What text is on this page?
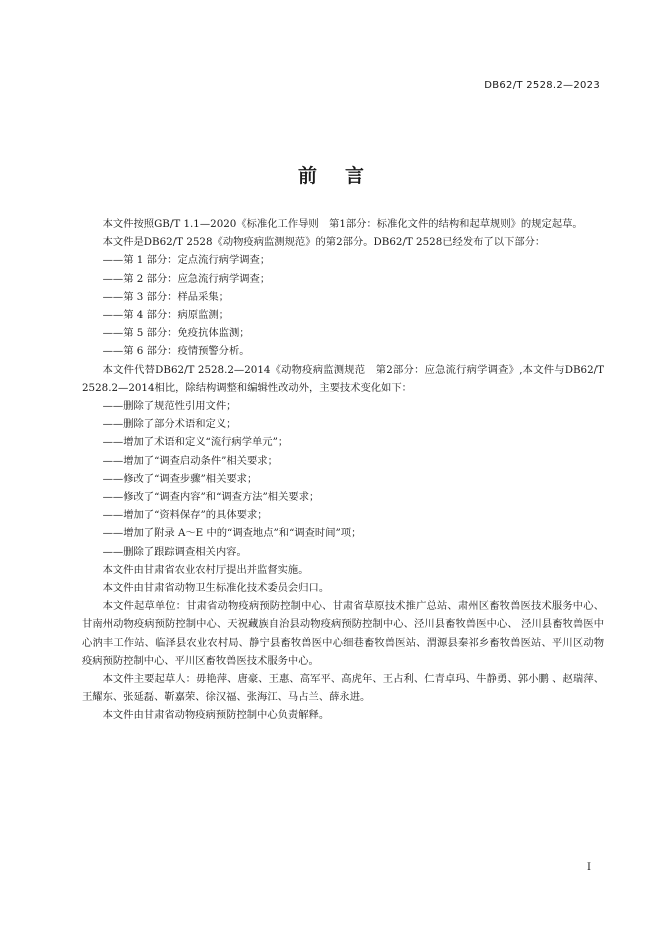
DB62/T 2528.2—2023
前言

本文件按照GB/T 1.1—2020《标准化工作导则　第1部分：标准化文件的结构和起草规则》的规定起草。

本文件是DB62/T 2528《动物疫病监测规范》的第2部分。DB62/T 2528已经发布了以下部分：

——第 1 部分：定点流行病学调查；

——第 2 部分：应急流行病学调查；

——第 3 部分：样品采集；

——第 4 部分：病原监测；

——第 5 部分：免疫抗体监测；

——第 6 部分：疫情预警分析。

本文件代替DB62/T 2528.2—2014《动物疫病监测规范　第2部分：应急流行病学调查》,本文件与DB62/T 2528.2—2014相比，除结构调整和编辑性改动外，主要技术变化如下：

——删除了规范性引用文件；

——删除了部分术语和定义；

——增加了术语和定义“流行病学单元”；

——增加了“调查启动条件”相关要求；

——修改了“调查步骤”相关要求；

——修改了“调查内容”和“调查方法”相关要求；

——增加了“资料保存”的具体要求；

——增加了附录 A～E 中的“调查地点”和“调查时间”项；

——删除了跟踪调查相关内容。

本文件由甘肃省农业农村厅提出并监督实施。

本文件由甘肃省动物卫生标准化技术委员会归口。

本文件起草单位：甘肃省动物疫病预防控制中心、甘肃省草原技术推广总站、肃州区畜牧兽医技术服务中心、甘南州动物疫病预防控制中心、天祝藏族自治县动物疫病预防控制中心、泾川县畜牧兽医中心、 泾川县畜牧兽医中心汭丰工作站、临泽县农业农村局、静宁县畜牧兽医中心细巷畜牧兽医站、渭源县秦祁乡畜牧兽医站、平川区动物疫病预防控制中心、平川区畜牧兽医技术服务中心。

本文件主要起草人：毋艳萍、唐豪、王惠、高军平、高虎年、王占利、仁青卓玛、牛静勇、郭小鹏 、赵瑞萍、王耀东、张延磊、靳嘉荣、徐汉福、张海江、马占兰、薛永进。

本文件由甘肃省动物疫病预防控制中心负责解释。

I
